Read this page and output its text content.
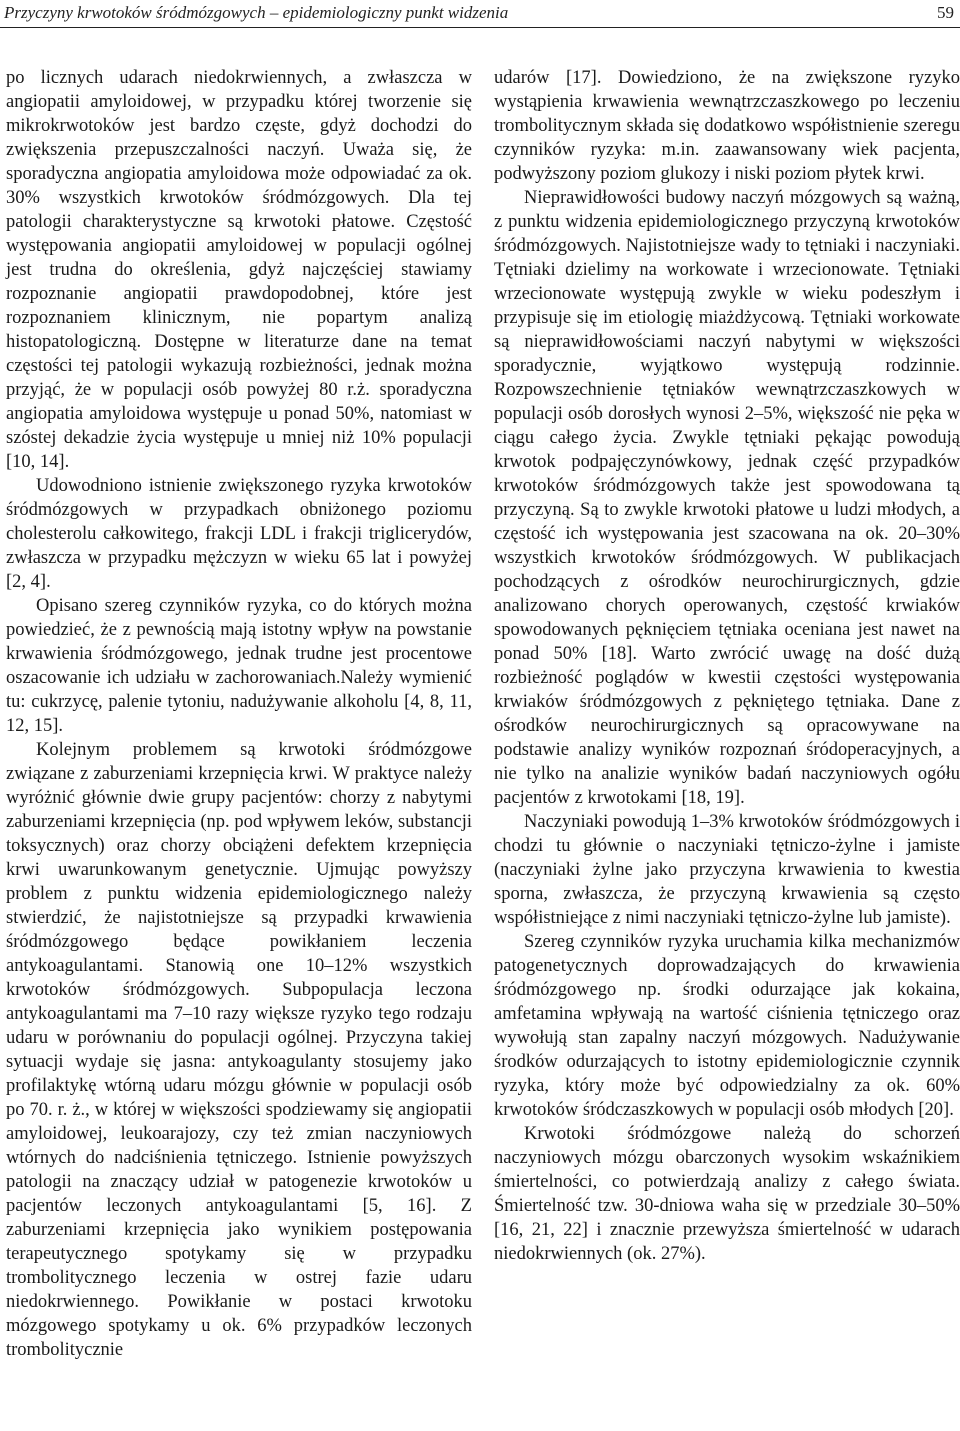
Przyczyny krwotoków śródmózgowych – epidemiologiczny punkt widzenia	59

po licznych udarach niedokrwiennych, a zwłaszcza w angiopatii amyloidowej, w przypadku której tworzenie się mikrokrwotoków jest bardzo częste, gdyż dochodzi do zwiększenia przepuszczalności naczyń. Uważa się, że sporadyczna angiopatia amyloidowa może odpowiadać za ok. 30% wszystkich krwotoków śródmózgowych. Dla tej patologii charakterystyczne są krwotoki płatowe. Częstość występowania angiopatii amyloidowej w populacji ogólnej jest trudna do określenia, gdyż najczęściej stawiamy rozpoznanie angiopatii prawdopodobnej, które jest rozpoznaniem klinicznym, nie popartym analizą histopatologiczną. Dostępne w literaturze dane na temat częstości tej patologii wykazują rozbieżności, jednak można przyjąć, że w populacji osób powyżej 80 r.ż. sporadyczna angiopatia amyloidowa występuje u ponad 50%, natomiast w szóstej dekadzie życia występuje u mniej niż 10% populacji [10, 14].

Udowodniono istnienie zwiększonego ryzyka krwotoków śródmózgowych w przypadkach obniżonego poziomu cholesterolu całkowitego, frakcji LDL i frakcji triglicerydów, zwłaszcza w przypadku mężczyzn w wieku 65 lat i powyżej [2, 4].

Opisano szereg czynników ryzyka, co do których można powiedzieć, że z pewnością mają istotny wpływ na powstanie krwawienia śródmózgowego, jednak trudne jest procentowe oszacowanie ich udziału w zachorowaniach.Należy wymienić tu: cukrzycę, palenie tytoniu, nadużywanie alkoholu [4, 8, 11, 12, 15].

Kolejnym problemem są krwotoki śródmózgowe związane z zaburzeniami krzepnięcia krwi. W praktyce należy wyróżnić głównie dwie grupy pacjentów: chorzy z nabytymi zaburzeniami krzepnięcia (np. pod wpływem leków, substancji toksycznych) oraz chorzy obciążeni defektem krzepnięcia krwi uwarunkowanym genetycznie. Ujmując powyższy problem z punktu widzenia epidemiologicznego należy stwierdzić, że najistotniejsze są przypadki krwawienia śródmózgowego będące powikłaniem leczenia antykoagulantami. Stanowią one 10–12% wszystkich krwotoków śródmózgowych. Subpopulacja leczona antykoagulantami ma 7–10 razy większe ryzyko tego rodzaju udaru w porównaniu do populacji ogólnej. Przyczyna takiej sytuacji wydaje się jasna: antykoagulanty stosujemy jako profilaktykę wtórną udaru mózgu głównie w populacji osób po 70. r. ż., w której w większości spodziewamy się angiopatii amyloidowej, leukoarajozy, czy też zmian naczyniowych wtórnych do nadciśnienia tętniczego. Istnienie powyższych patologii na znaczący udział w patogenezie krwotoków u pacjentów leczonych antykoagulantami [5, 16]. Z zaburzeniami krzepnięcia jako wynikiem postępowania terapeutycznego spotykamy się w przypadku trombolitycznego leczenia w ostrej fazie udaru niedokrwiennego. Powikłanie w postaci krwotoku mózgowego spotykamy u ok. 6% przypadków leczonych trombolitycznie

udarów [17]. Dowiedziono, że na zwiększone ryzyko wystąpienia krwawienia wewnątrzczaszkowego po leczeniu trombolitycznym składa się dodatkowo współistnienie szeregu czynników ryzyka: m.in. zaawansowany wiek pacjenta, podwyższony poziom glukozy i niski poziom płytek krwi.

Nieprawidłowości budowy naczyń mózgowych są ważną, z punktu widzenia epidemiologicznego przyczyną krwotoków śródmózgowych. Najistotniejsze wady to tętniaki i naczyniaki. Tętniaki dzielimy na workowate i wrzecionowate. Tętniaki wrzecionowate występują zwykle w wieku podeszłym i przypisuje się im etiologię miażdżycową. Tętniaki workowate są nieprawidłowościami naczyń nabytymi w większości sporadycznie, wyjątkowo występują rodzinnie. Rozpowszechnienie tętniaków wewnątrzczaszkowych w populacji osób dorosłych wynosi 2–5%, większość nie pęka w ciągu całego życia. Zwykle tętniaki pękając powodują krwotok podpajęczynówkowy, jednak część przypadków krwotoków śródmózgowych także jest spowodowana tą przyczyną. Są to zwykle krwotoki płatowe u ludzi młodych, a częstość ich występowania jest szacowana na ok. 20–30% wszystkich krwotoków śródmózgowych. W publikacjach pochodzących z ośrodków neurochirurgicznych, gdzie analizowano chorych operowanych, częstość krwiaków spowodowanych pęknięciem tętniaka oceniana jest nawet na ponad 50% [18]. Warto zwrócić uwagę na dość dużą rozbieżność poglądów w kwestii częstości występowania krwiaków śródmózgowych z pękniętego tętniaka. Dane z ośrodków neurochirurgicznych są opracowywane na podstawie analizy wyników rozpoznań śródoperacyjnych, a nie tylko na analizie wyników badań naczyniowych ogółu pacjentów z krwotokami [18, 19].

Naczyniaki powodują 1–3% krwotoków śródmózgowych i chodzi tu głównie o naczyniaki tętniczo-żylne i jamiste (naczyniaki żylne jako przyczyna krwawienia to kwestia sporna, zwłaszcza, że przyczyną krwawienia są często współistniejące z nimi naczyniaki tętniczo-żylne lub jamiste).

Szereg czynników ryzyka uruchamia kilka mechanizmów patogenetycznych doprowadzających do krwawienia śródmózgowego np. środki odurzające jak kokaina, amfetamina wpływają na wartość ciśnienia tętniczego oraz wywołują stan zapalny naczyń mózgowych. Nadużywanie środków odurzających to istotny epidemiologicznie czynnik ryzyka, który może być odpowiedzialny za ok. 60% krwotoków śródczaszkowych w populacji osób młodych [20].

Krwotoki śródmózgowe należą do schorzeń naczyniowych mózgu obarczonych wysokim wskaźnikiem śmiertelności, co potwierdzają analizy z całego świata. Śmiertelność tzw. 30-dniowa waha się w przedziale 30–50% [16, 21, 22] i znacznie przewyższa śmiertelność w udarach niedokrwiennych (ok. 27%).
